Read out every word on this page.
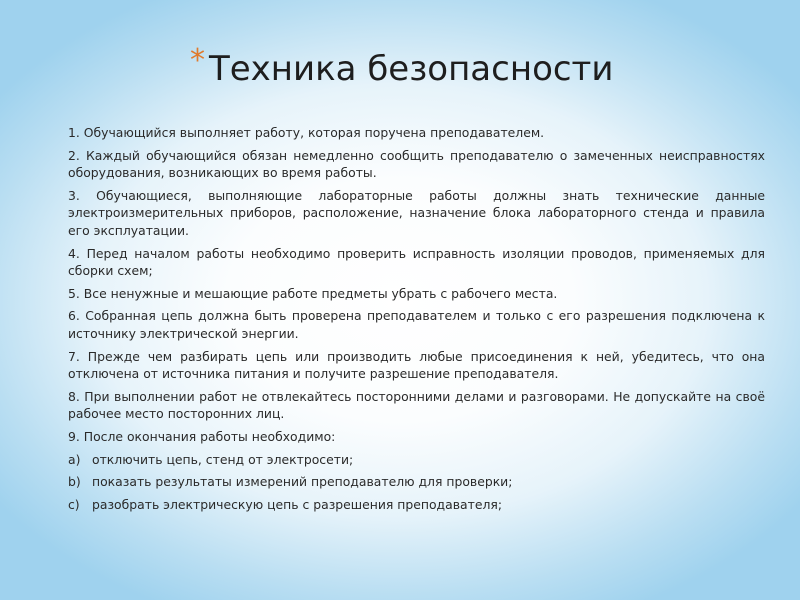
* Техника безопасности

1. Обучающийся выполняет работу, которая поручена преподавателем.

2. Каждый обучающийся обязан немедленно сообщить преподавателю о замеченных неисправностях оборудования, возникающих во время работы.

3. Обучающиеся, выполняющие лабораторные работы должны знать технические данные электроизмерительных приборов, расположение, назначение блока лабораторного стенда и правила его эксплуатации.

4. Перед началом работы необходимо проверить исправность изоляции проводов, применяемых для сборки схем;

5. Все ненужные и мешающие работе предметы убрать с рабочего места.

6. Собранная цепь должна быть проверена преподавателем и только с его разрешения подключена к источнику электрической энергии.

7. Прежде чем разбирать цепь или производить любые присоединения к ней, убедитесь, что она отключена от источника питания и получите разрешение преподавателя.

8. При выполнении работ не отвлекайтесь посторонними делами и разговорами. Не допускайте на своё рабочее место посторонних лиц.

9. После окончания работы необходимо:

a) отключить цепь, стенд от электросети;
b) показать результаты измерений преподавателю для проверки;
c) разобрать электрическую цепь с разрешения преподавателя;
